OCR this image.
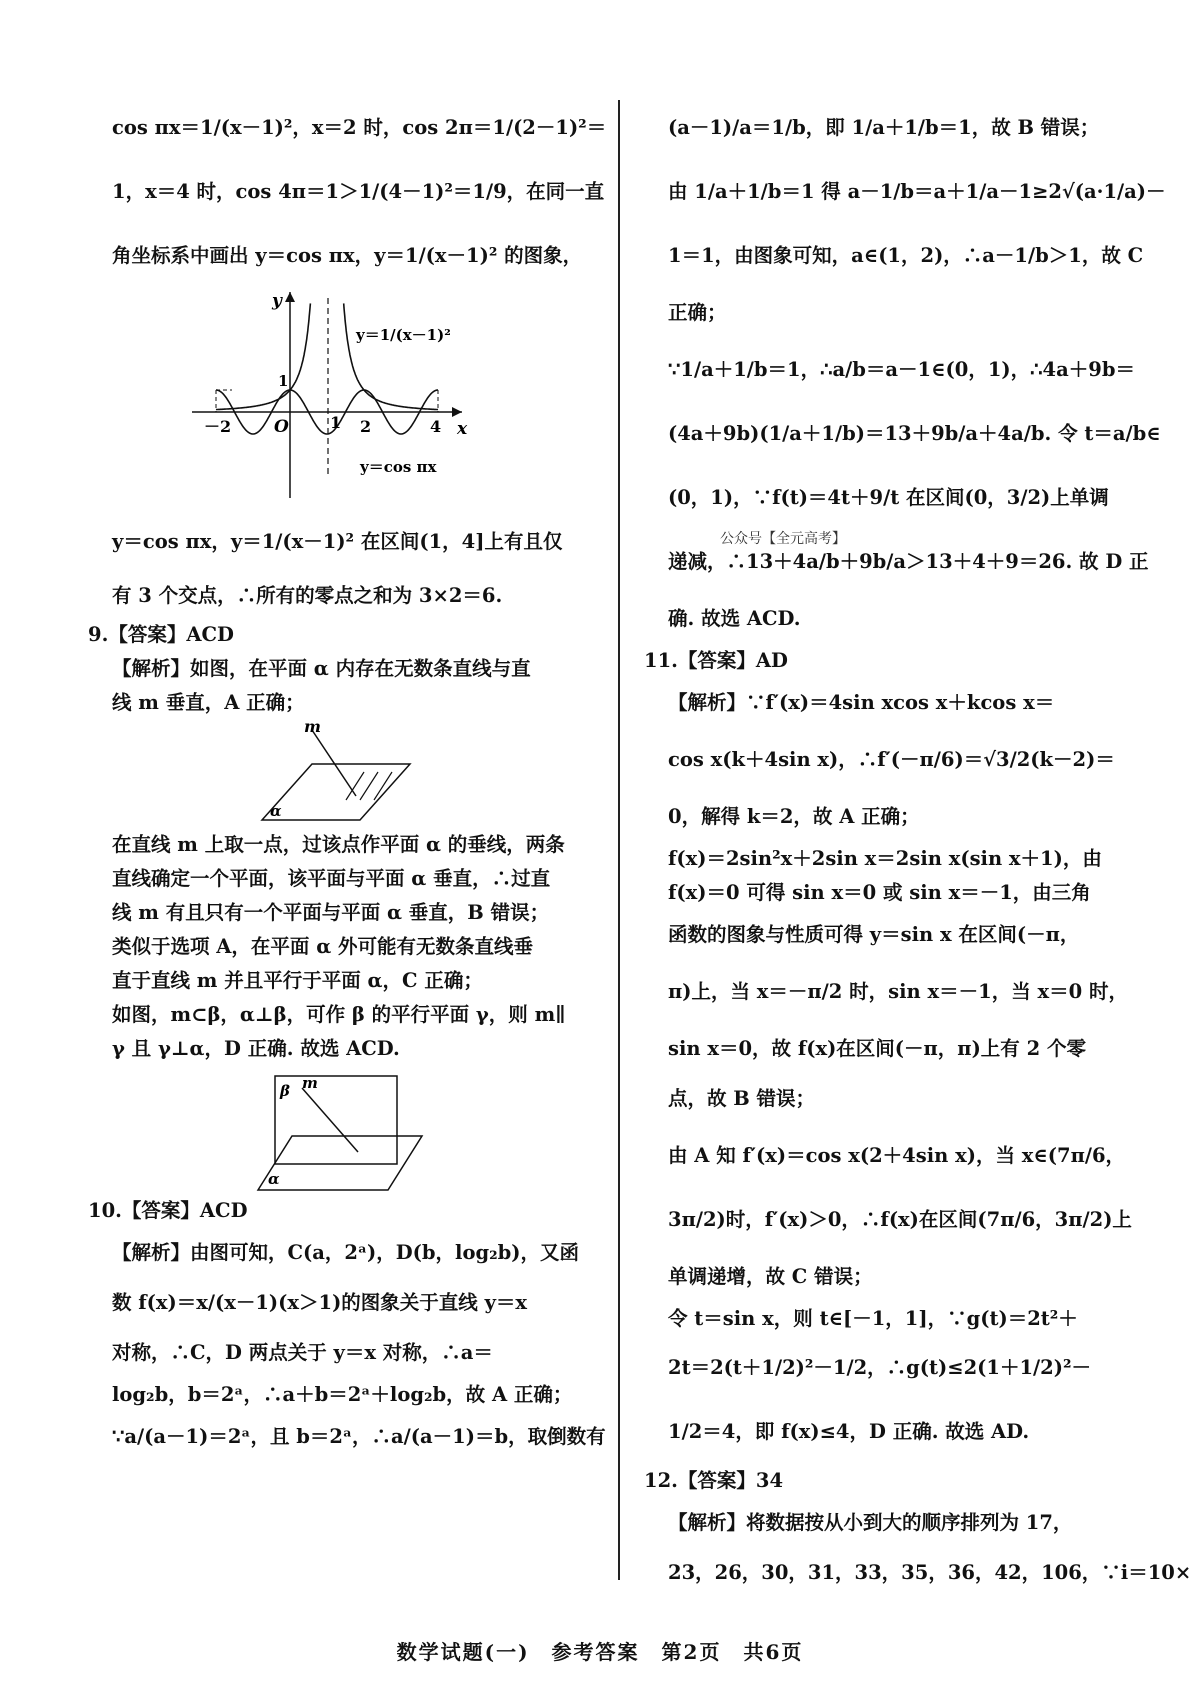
cos πx＝1/(x－1)²，x＝2 时，cos 2π＝1/(2－1)²＝
1，x＝4 时，cos 4π＝1＞1/(4－1)²＝1/9，在同一直
角坐标系中画出 y＝cos πx，y＝1/(x－1)² 的图象，
y
x
O
－2	1 2	4
1
y＝1/(x－1)²
y＝cos πx
y＝cos πx，y＝1/(x－1)² 在区间(1，4]上有且仅
有 3 个交点，∴所有的零点之和为 3×2＝6.
9.【答案】ACD
【解析】如图，在平面 α 内存在无数条直线与直
线 m 垂直，A 正确；
m
α
在直线 m 上取一点，过该点作平面 α 的垂线，两条
直线确定一个平面，该平面与平面 α 垂直，∴过直
线 m 有且只有一个平面与平面 α 垂直，B 错误；
类似于选项 A，在平面 α 外可能有无数条直线垂
直于直线 m 并且平行于平面 α，C 正确；
如图，m⊂β，α⊥β，可作 β 的平行平面 γ，则 m∥
γ 且 γ⊥α，D 正确. 故选 ACD.
β m
α
10.【答案】ACD
【解析】由图可知，C(a，2ᵃ)，D(b，log₂b)，又函
数 f(x)＝x/(x－1)(x＞1)的图象关于直线 y＝x
对称，∴C，D 两点关于 y＝x 对称，∴a＝
log₂b，b＝2ᵃ，∴a＋b＝2ᵃ＋log₂b，故 A 正确；
∵a/(a－1)＝2ᵃ，且 b＝2ᵃ，∴a/(a－1)＝b，取倒数有
(a－1)/a＝1/b，即 1/a＋1/b＝1，故 B 错误；
由 1/a＋1/b＝1 得 a－1/b＝a＋1/a－1≥2√(a·1/a)－
1＝1，由图象可知，a∈(1，2)，∴a－1/b＞1，故 C
正确；
∵1/a＋1/b＝1，∴a/b＝a－1∈(0，1)，∴4a＋9b＝
(4a＋9b)(1/a＋1/b)＝13＋9b/a＋4a/b. 令 t＝a/b∈
(0，1)，∵f(t)＝4t＋9/t 在区间(0，3/2)上单调
递减，∴13＋4a/b＋9b/a＞13＋4＋9＝26. 故 D 正
确. 故选 ACD.
11.【答案】AD
【解析】∵f′(x)＝4sin xcos x＋kcos x＝
cos x(k＋4sin x)，∴f′(－π/6)＝√3/2(k－2)＝
0，解得 k＝2，故 A 正确；
f(x)＝2sin²x＋2sin x＝2sin x(sin x＋1)，由
f(x)＝0 可得 sin x＝0 或 sin x＝－1，由三角
函数的图象与性质可得 y＝sin x 在区间(－π，
π)上，当 x＝－π/2 时，sin x＝－1，当 x＝0 时，
sin x＝0，故 f(x)在区间(－π，π)上有 2 个零
点，故 B 错误；
由 A 知 f′(x)＝cos x(2＋4sin x)，当 x∈(7π/6，
3π/2)时，f′(x)＞0，∴f(x)在区间(7π/6，3π/2)上
单调递增，故 C 错误；
令 t＝sin x，则 t∈[－1，1]，∵g(t)＝2t²＋
2t＝2(t＋1/2)²－1/2，∴g(t)≤2(1＋1/2)²－
1/2＝4，即 f(x)≤4，D 正确. 故选 AD.
12.【答案】34
【解析】将数据按从小到大的顺序排列为 17，
23，26，30，31，33，35，36，42，106，∵i＝10×
公众号【全元高考】
数学试题(一)　参考答案　第2页　共6页
